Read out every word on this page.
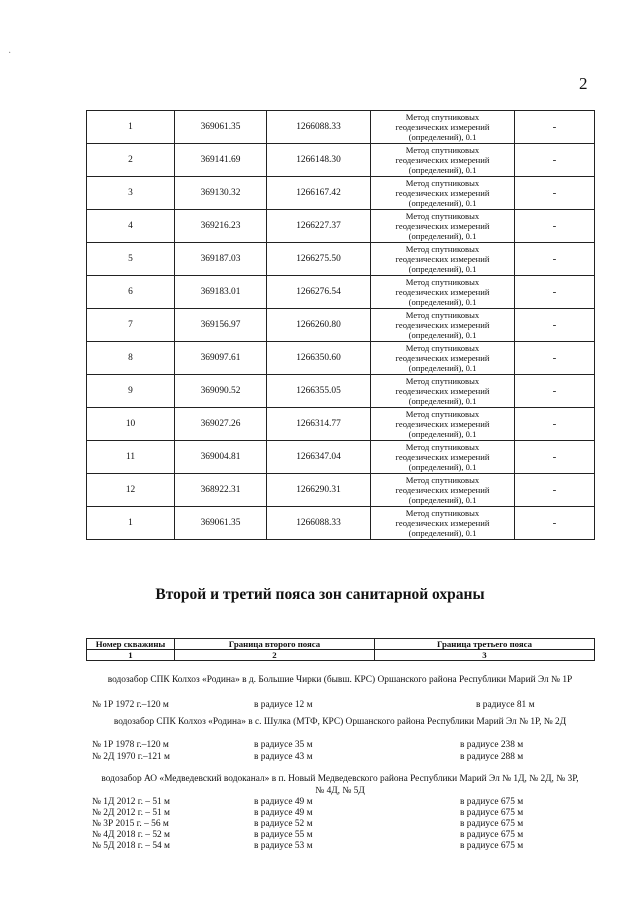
·
2
1	369061.35	1266088.33	Метод спутниковых
геодезических измерений
(определений), 0.1	-
2	369141.69	1266148.30	Метод спутниковых
геодезических измерений
(определений), 0.1	-
3	369130.32	1266167.42	Метод спутниковых
геодезических измерений
(определений), 0.1	-
4	369216.23	1266227.37	Метод спутниковых
геодезических измерений
(определений), 0.1	-
5	369187.03	1266275.50	Метод спутниковых
геодезических измерений
(определений), 0.1	-
6	369183.01	1266276.54	Метод спутниковых
геодезических измерений
(определений), 0.1	-
7	369156.97	1266260.80	Метод спутниковых
геодезических измерений
(определений), 0.1	-
8	369097.61	1266350.60	Метод спутниковых
геодезических измерений
(определений), 0.1	-
9	369090.52	1266355.05	Метод спутниковых
геодезических измерений
(определений), 0.1	-
10	369027.26	1266314.77	Метод спутниковых
геодезических измерений
(определений), 0.1	-
11	369004.81	1266347.04	Метод спутниковых
геодезических измерений
(определений), 0.1	-
12	368922.31	1266290.31	Метод спутниковых
геодезических измерений
(определений), 0.1	-
1	369061.35	1266088.33	Метод спутниковых
геодезических измерений
(определений), 0.1	-
Второй и третий пояса зон санитарной охраны
Номер скважины	Граница второго пояса	Граница третьего пояса
1	2	3
водозабор СПК Колхоз «Родина» в д. Большие Чирки (бывш. КРС) Оршанского района Республики Марий Эл № 1Р
№ 1Р 1972 г.–120 м	в радиусе 12 м	в радиусе 81 м
водозабор СПК Колхоз «Родина» в с. Шулка (МТФ, КРС) Оршанского района Республики Марий Эл № 1Р, № 2Д
№ 1Р 1978 г.–120 м	в радиусе 35 м	в радиусе 238 м
№ 2Д 1970 г.–121 м	в радиусе 43 м	в радиусе 288 м
водозабор АО «Медведевский водоканал» в п. Новый Медведевского района Республики Марий Эл № 1Д, № 2Д, № 3Р,
№ 4Д, № 5Д
№ 1Д 2012 г. – 51 м	в радиусе 49 м	в радиусе 675 м
№ 2Д 2012 г. – 51 м	в радиусе 49 м	в радиусе 675 м
№ 3Р 2015 г. – 56 м	в радиусе 52 м	в радиусе 675 м
№ 4Д 2018 г. – 52 м	в радиусе 55 м	в радиусе 675 м
№ 5Д 2018 г. – 54 м	в радиусе 53 м	в радиусе 675 м
